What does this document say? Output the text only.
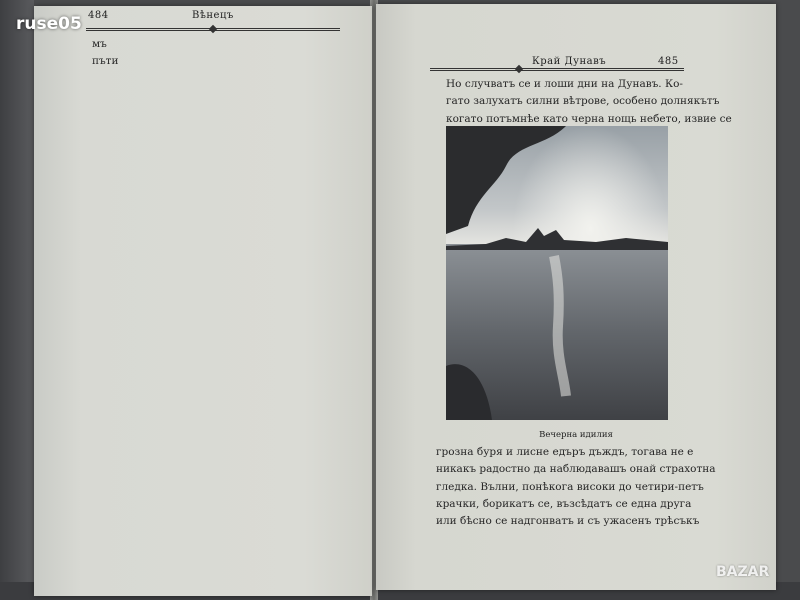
484	Вѣнецъ
мъ
пъти	Край Дунавъ	485
Но случватъ се и лоши дни на Дунавъ. Ко-
гато залухатъ силни вѣтрове, особено долнякътъ
когато потъмнѣе като черна нощь небето, извие се
Вечерна идилия
грозна буря и лисне едъръ дъждъ, тогава не е
никакъ радостно да наблюдавашъ онай страхотна
гледка. Вълни, понѣкога високи до четири-петъ
крачки, борикатъ се, възсѣдатъ се една друга
или бѣсно се надгонватъ и съ ужасенъ трѣсъкъ
ruse05
BAZAR
